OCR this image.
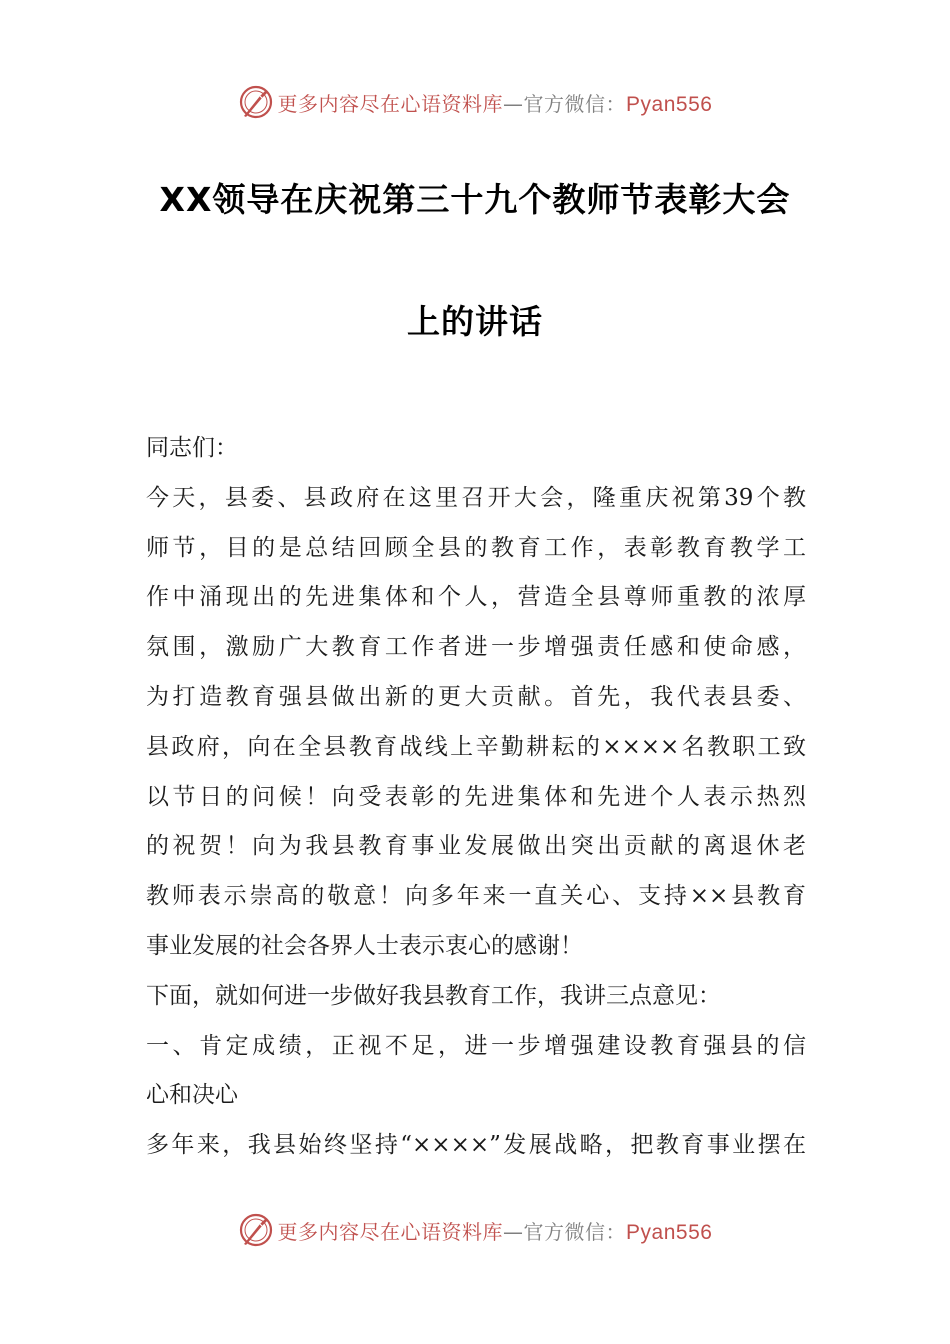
更多内容尽在心语资料库—官方微信：Pyan556
XX领导在庆祝第三十九个教师节表彰大会
上的讲话
同志们：
今天，县委、县政府在这里召开大会，隆重庆祝第39个教
师节，目的是总结回顾全县的教育工作，表彰教育教学工
作中涌现出的先进集体和个人，营造全县尊师重教的浓厚
氛围，激励广大教育工作者进一步增强责任感和使命感，
为打造教育强县做出新的更大贡献。首先，我代表县委、
县政府，向在全县教育战线上辛勤耕耘的××××名教职工致
以节日的问候！向受表彰的先进集体和先进个人表示热烈
的祝贺！向为我县教育事业发展做出突出贡献的离退休老
教师表示崇高的敬意！向多年来一直关心、支持××县教育
事业发展的社会各界人士表示衷心的感谢！
下面，就如何进一步做好我县教育工作，我讲三点意见：
一、肯定成绩，正视不足，进一步增强建设教育强县的信
心和决心
多年来，我县始终坚持“××××”发展战略，把教育事业摆在
更多内容尽在心语资料库—官方微信：Pyan556
